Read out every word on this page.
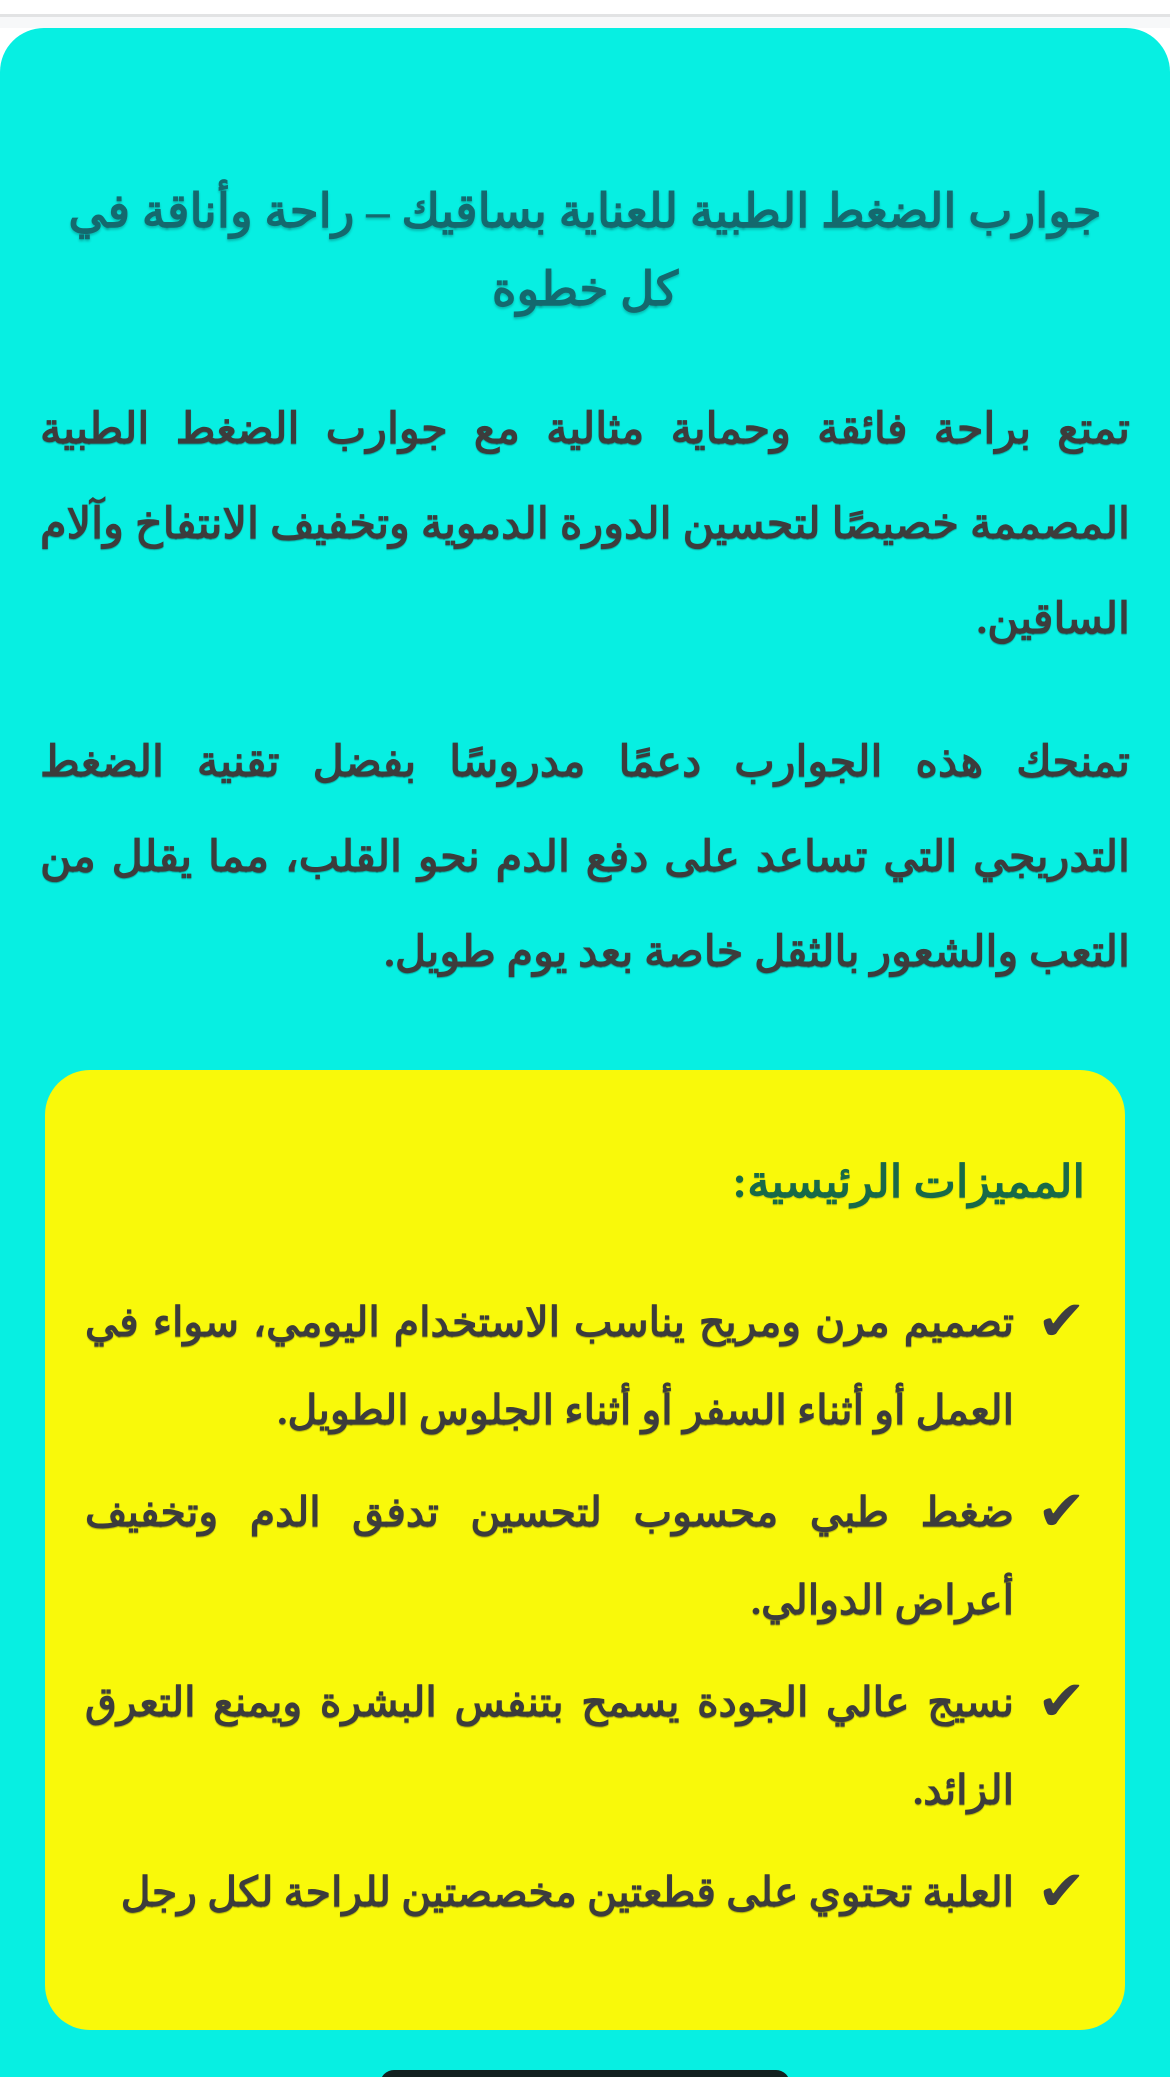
جوارب الضغط الطبية للعناية بساقيك – راحة وأناقة في كل خطوة

تمتع براحة فائقة وحماية مثالية مع جوارب الضغط الطبية المصممة خصيصًا لتحسين الدورة الدموية وتخفيف الانتفاخ وآلام الساقين.

تمنحك هذه الجوارب دعمًا مدروسًا بفضل تقنية الضغط التدريجي التي تساعد على دفع الدم نحو القلب، مما يقلل من التعب والشعور بالثقل خاصة بعد يوم طويل.

المميزات الرئيسية:
✔
تصميم مرن ومريح يناسب الاستخدام اليومي، سواء في العمل أو أثناء السفر أو أثناء الجلوس الطويل.
✔
ضغط طبي محسوب لتحسين تدفق الدم وتخفيف أعراض الدوالي.
✔
نسيج عالي الجودة يسمح بتنفس البشرة ويمنع التعرق الزائد.
✔
العلبة تحتوي على قطعتين مخصصتين للراحة لكل رجل
